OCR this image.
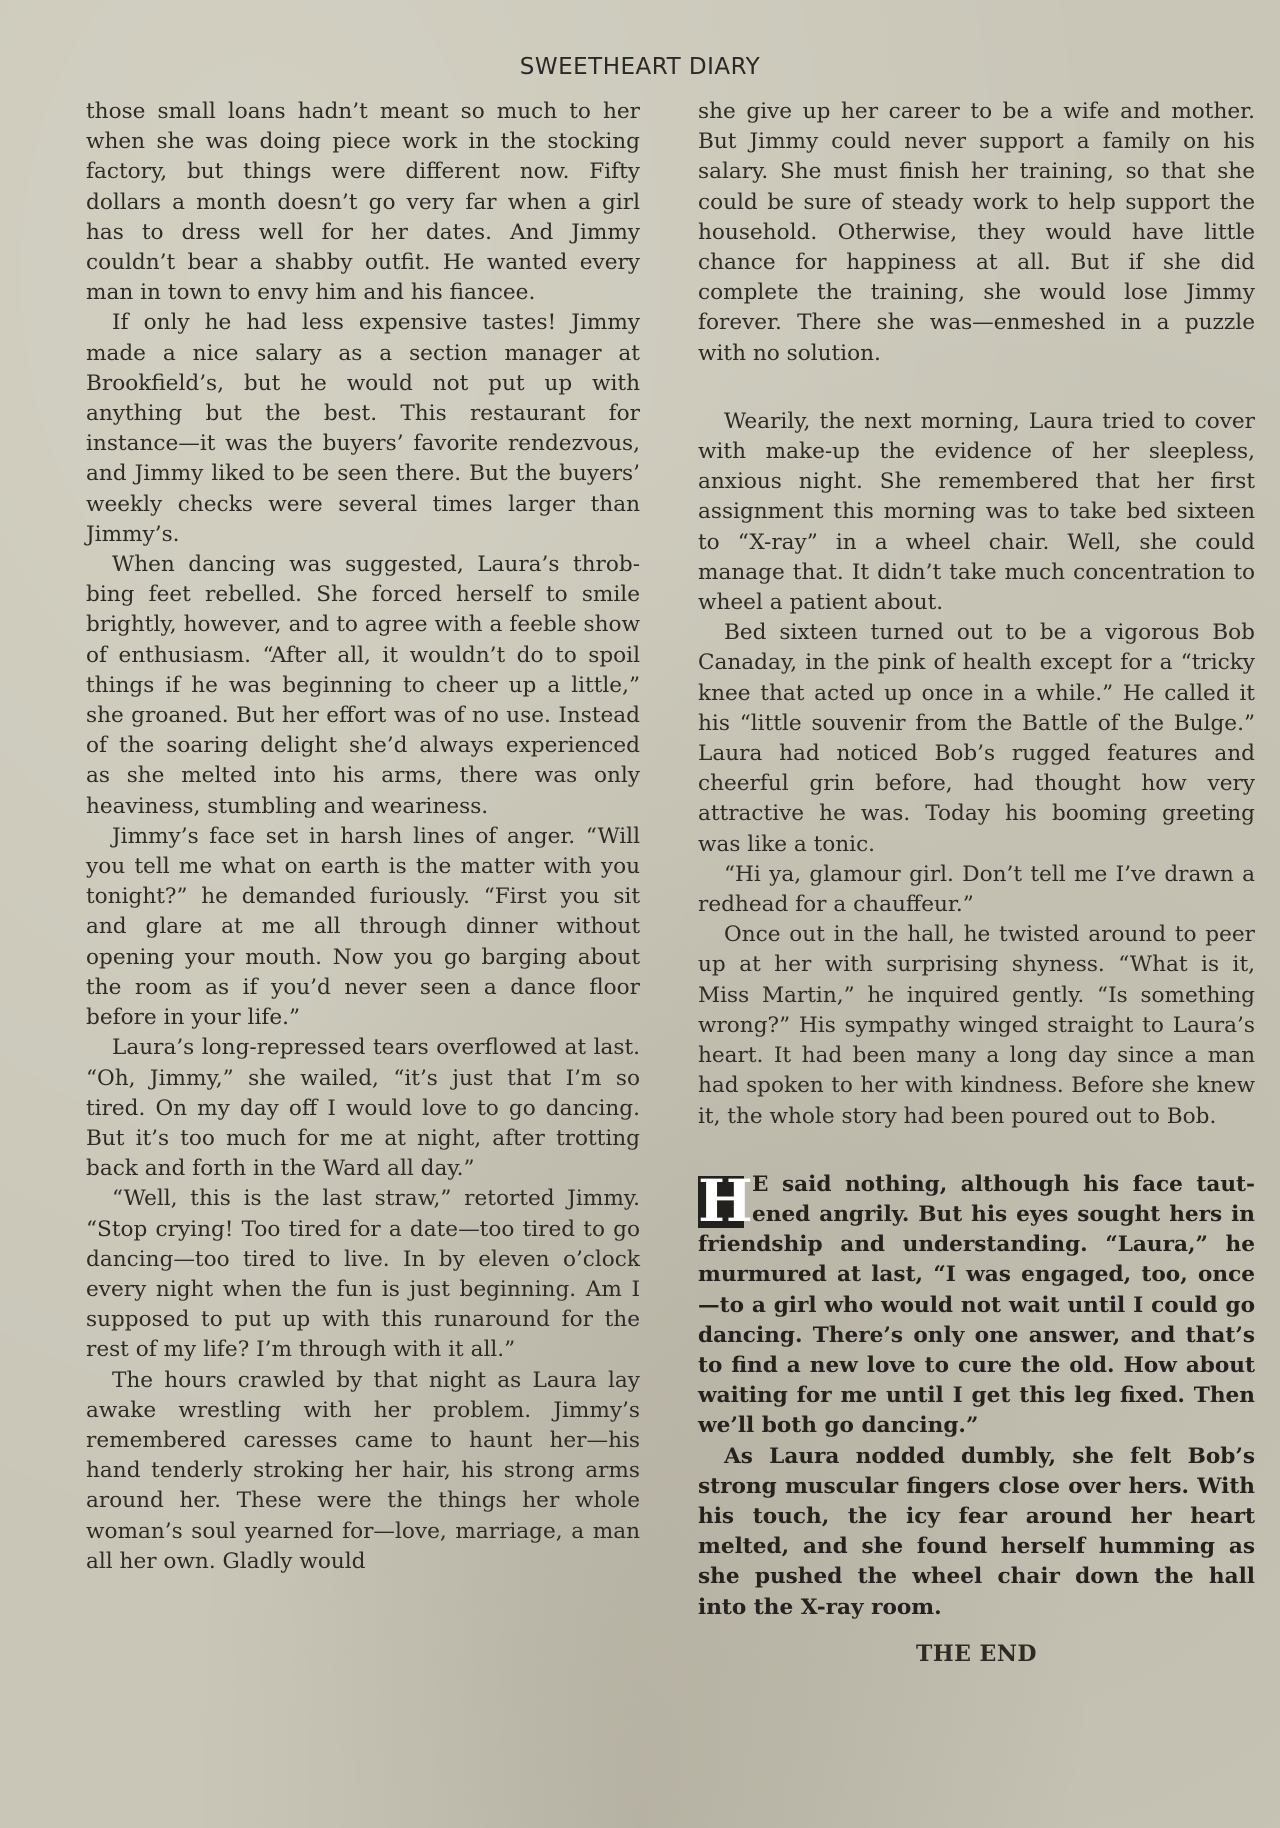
SWEETHEART DIARY

those small loans hadn’t meant so much to her when she was doing piece work in the stocking factory, but things were different now. Fifty dollars a month doesn’t go very far when a girl has to dress well for her dates. And Jimmy couldn’t bear a shabby outfit. He wanted every man in town to envy him and his fiancee.

If only he had less expensive tastes! Jimmy made a nice salary as a section manager at Brookfield’s, but he would not put up with anything but the best. This restaurant for instance—it was the buyers’ favorite rendezvous, and Jimmy liked to be seen there. But the buyers’ weekly checks were several times larger than Jimmy’s.

When dancing was suggested, Laura’s throbbing feet rebelled. She forced herself to smile brightly, however, and to agree with a feeble show of enthusiasm. “After all, it wouldn’t do to spoil things if he was beginning to cheer up a little,” she groaned. But her effort was of no use. Instead of the soaring delight she’d always experienced as she melted into his arms, there was only heaviness, stumbling and weariness.

Jimmy’s face set in harsh lines of anger. “Will you tell me what on earth is the matter with you tonight?” he demanded furiously. “First you sit and glare at me all through dinner without opening your mouth. Now you go barging about the room as if you’d never seen a dance floor before in your life.”

Laura’s long-repressed tears overflowed at last. “Oh, Jimmy,” she wailed, “it’s just that I’m so tired. On my day off I would love to go dancing. But it’s too much for me at night, after trotting back and forth in the Ward all day.”

“Well, this is the last straw,” retorted Jimmy. “Stop crying! Too tired for a date—too tired to go dancing—too tired to live. In by eleven o’clock every night when the fun is just beginning. Am I supposed to put up with this runaround for the rest of my life? I’m through with it all.”

The hours crawled by that night as Laura lay awake wrestling with her problem. Jimmy’s remembered caresses came to haunt her—his hand tenderly stroking her hair, his strong arms around her. These were the things her whole woman’s soul yearned for—love, marriage, a man all her own. Gladly would

she give up her career to be a wife and mother. But Jimmy could never support a family on his salary. She must finish her training, so that she could be sure of steady work to help support the household. Otherwise, they would have little chance for happiness at all. But if she did complete the training, she would lose Jimmy forever. There she was—enmeshed in a puzzle with no solution.

Wearily, the next morning, Laura tried to cover with make-up the evidence of her sleepless, anxious night. She remembered that her first assignment this morning was to take bed sixteen to “X-ray” in a wheel chair. Well, she could manage that. It didn’t take much concentration to wheel a patient about.

Bed sixteen turned out to be a vigorous Bob Canaday, in the pink of health except for a “tricky knee that acted up once in a while.” He called it his “little souvenir from the Battle of the Bulge.” Laura had noticed Bob’s rugged features and cheerful grin before, had thought how very attractive he was. Today his booming greeting was like a tonic.

“Hi ya, glamour girl. Don’t tell me I’ve drawn a redhead for a chauffeur.”

Once out in the hall, he twisted around to peer up at her with surprising shyness. “What is it, Miss Martin,” he inquired gently. “Is something wrong?” His sympathy winged straight to Laura’s heart. It had been many a long day since a man had spoken to her with kindness. Before she knew it, the whole story had been poured out to Bob.

H E said nothing, although his face tautened angrily. But his eyes sought hers in friendship and understanding. “Laura,” he murmured at last, “I was engaged, too, once—to a girl who would not wait until I could go dancing. There’s only one answer, and that’s to find a new love to cure the old. How about waiting for me until I get this leg fixed. Then we’ll both go dancing.”

As Laura nodded dumbly, she felt Bob’s strong muscular fingers close over hers. With his touch, the icy fear around her heart melted, and she found herself humming as she pushed the wheel chair down the hall into the X-ray room.

THE END
